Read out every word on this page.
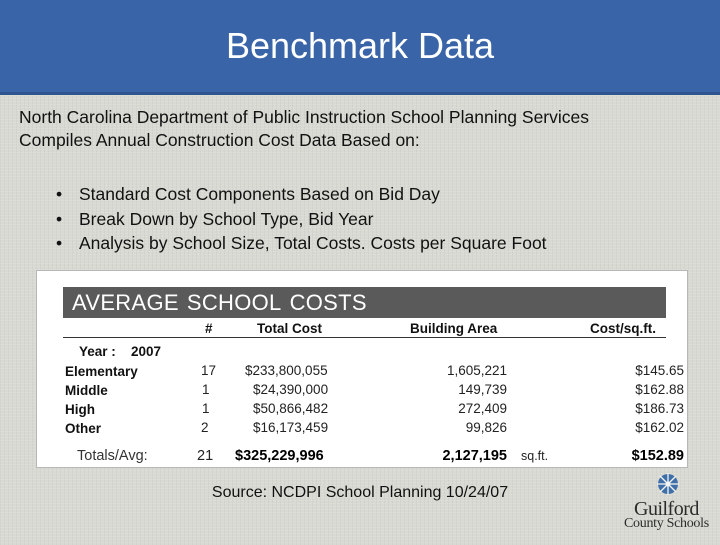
Benchmark Data
North Carolina Department of Public Instruction School Planning Services
Compiles Annual Construction Cost Data Based on:
• Standard Cost Components Based on Bid Day
• Break Down by School Type, Bid Year
• Analysis by School Size, Total Costs. Costs per Square Foot
AVERAGE SCHOOL COSTS
#	Total Cost	Building Area	Cost/sq.ft.
Year : 2007
Elementary	17 $233,800,055	1,605,221	$145.65
Middle	1	$24,390,000	149,739	$162.88
High	1	$50,866,482	272,409	$186.73
Other	2	$16,173,459	99,826	$162.02
Totals/Avg:	21 $325,229,996	2,127,195 sq.ft.	$152.89
Source: NCDPI School Planning 10/24/07
Guilford
County Schools
